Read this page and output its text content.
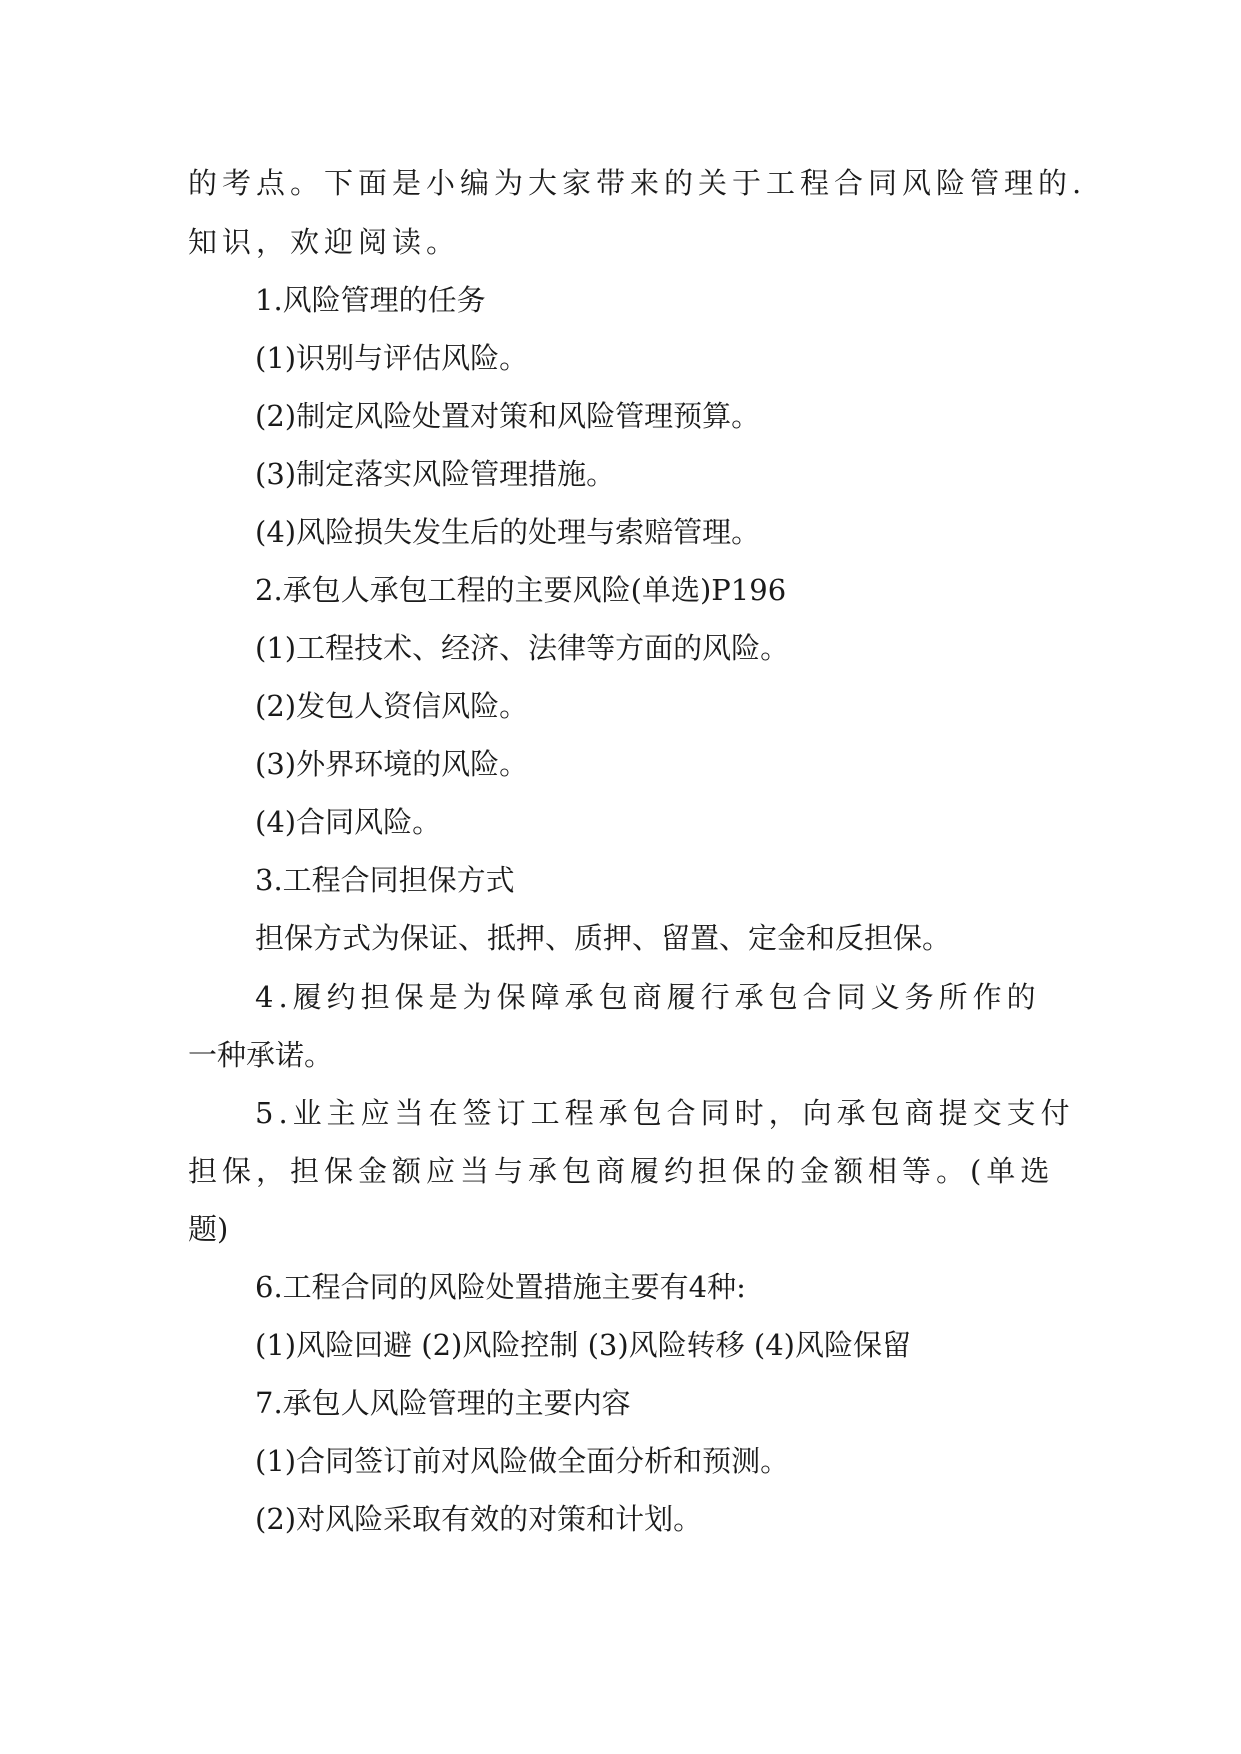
的考点。下面是小编为大家带来的关于工程合同风险管理的.
知识，欢迎阅读。
1.风险管理的任务
(1)识别与评估风险。
(2)制定风险处置对策和风险管理预算。
(3)制定落实风险管理措施。
(4)风险损失发生后的处理与索赔管理。
2.承包人承包工程的主要风险(单选)P196
(1)工程技术、经济、法律等方面的风险。
(2)发包人资信风险。
(3)外界环境的风险。
(4)合同风险。
3.工程合同担保方式
担保方式为保证、抵押、质押、留置、定金和反担保。
4.履约担保是为保障承包商履行承包合同义务所作的
一种承诺。
5.业主应当在签订工程承包合同时，向承包商提交支付
担保，担保金额应当与承包商履约担保的金额相等。(单选
题)
6.工程合同的风险处置措施主要有4种:
(1)风险回避 (2)风险控制 (3)风险转移 (4)风险保留
7.承包人风险管理的主要内容
(1)合同签订前对风险做全面分析和预测。
(2)对风险采取有效的对策和计划。
